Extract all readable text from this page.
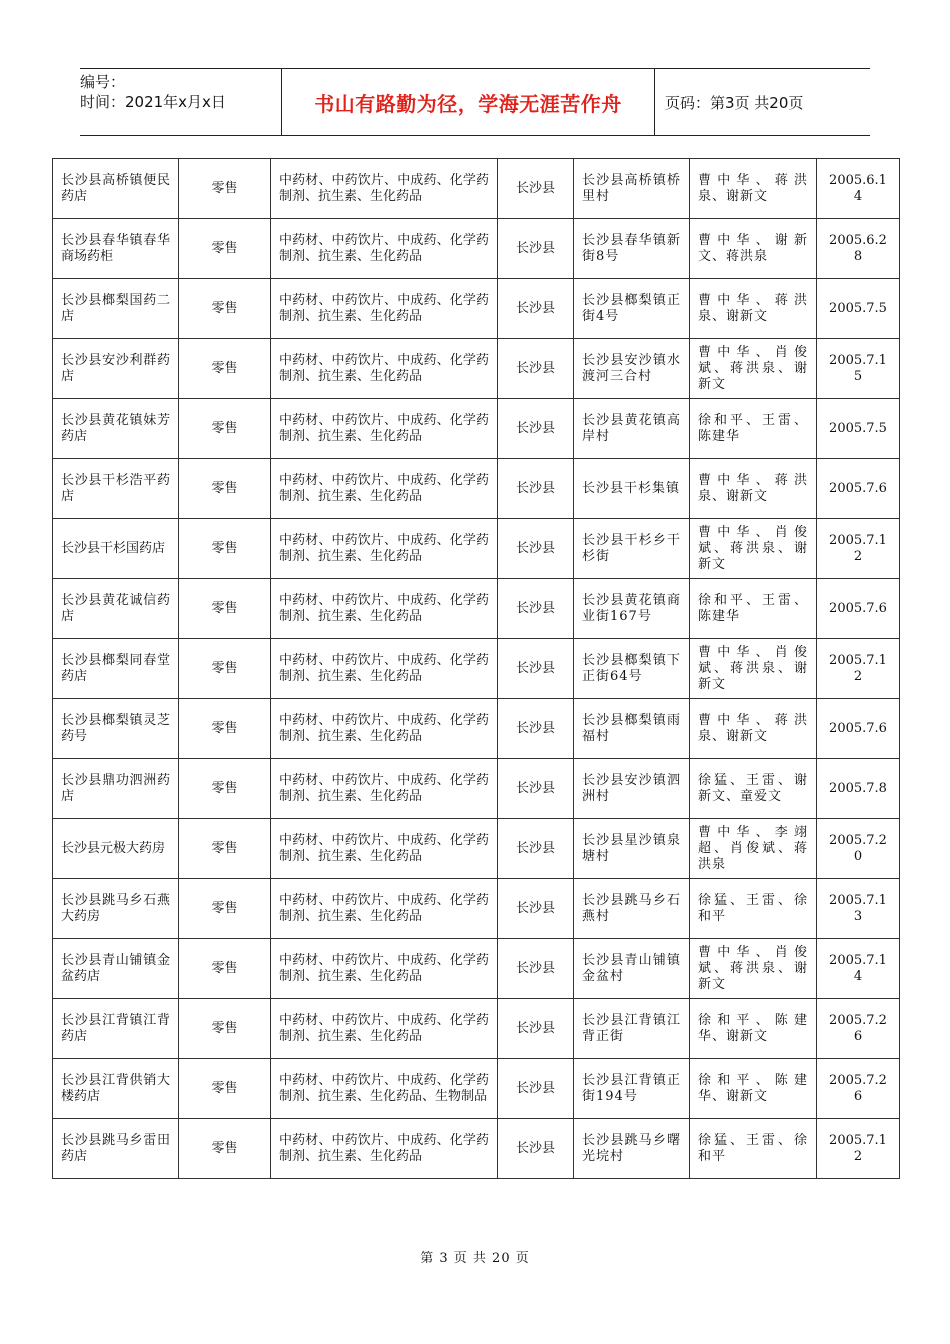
编号：
时间：2021年x月x日	书山有路勤为径，学海无涯苦作舟	页码：第3页 共20页
长沙县高桥镇便民药店	零售	中药材、中药饮片、中成药、化学药制剂、抗生素、生化药品	长沙县	长沙县高桥镇桥里村	曹中华、蒋洪泉、谢新文	2005.6.14
长沙县春华镇春华商场药柜	零售	中药材、中药饮片、中成药、化学药制剂、抗生素、生化药品	长沙县	长沙县春华镇新街8号	曹中华、谢新文、蒋洪泉	2005.6.28
长沙县榔梨国药二店	零售	中药材、中药饮片、中成药、化学药制剂、抗生素、生化药品	长沙县	长沙县榔梨镇正街4号	曹中华、蒋洪泉、谢新文	2005.7.5
长沙县安沙利群药店	零售	中药材、中药饮片、中成药、化学药制剂、抗生素、生化药品	长沙县	长沙县安沙镇水渡河三合村	曹中华、肖俊斌、蒋洪泉、谢新文	2005.7.15
长沙县黄花镇妹芳药店	零售	中药材、中药饮片、中成药、化学药制剂、抗生素、生化药品	长沙县	长沙县黄花镇高岸村	徐和平、王雷、陈建华	2005.7.5
长沙县干杉浩平药店	零售	中药材、中药饮片、中成药、化学药制剂、抗生素、生化药品	长沙县	长沙县干杉集镇	曹中华、蒋洪泉、谢新文	2005.7.6
长沙县干杉国药店	零售	中药材、中药饮片、中成药、化学药制剂、抗生素、生化药品	长沙县	长沙县干杉乡干杉街	曹中华、肖俊斌、蒋洪泉、谢新文	2005.7.12
长沙县黄花诚信药店	零售	中药材、中药饮片、中成药、化学药制剂、抗生素、生化药品	长沙县	长沙县黄花镇商业街167号	徐和平、王雷、陈建华	2005.7.6
长沙县榔梨同春堂药店	零售	中药材、中药饮片、中成药、化学药制剂、抗生素、生化药品	长沙县	长沙县榔梨镇下正街64号	曹中华、肖俊斌、蒋洪泉、谢新文	2005.7.12
长沙县榔梨镇灵芝药号	零售	中药材、中药饮片、中成药、化学药制剂、抗生素、生化药品	长沙县	长沙县榔梨镇雨福村	曹中华、蒋洪泉、谢新文	2005.7.6
长沙县鼎功泗洲药店	零售	中药材、中药饮片、中成药、化学药制剂、抗生素、生化药品	长沙县	长沙县安沙镇泗洲村	徐猛、王雷、谢新文、童爱文	2005.7.8
长沙县元极大药房	零售	中药材、中药饮片、中成药、化学药制剂、抗生素、生化药品	长沙县	长沙县星沙镇泉塘村	曹中华、李翊超、肖俊斌、蒋洪泉	2005.7.20
长沙县跳马乡石燕大药房	零售	中药材、中药饮片、中成药、化学药制剂、抗生素、生化药品	长沙县	长沙县跳马乡石燕村	徐猛、王雷、徐和平	2005.7.13
长沙县青山铺镇金盆药店	零售	中药材、中药饮片、中成药、化学药制剂、抗生素、生化药品	长沙县	长沙县青山铺镇金盆村	曹中华、肖俊斌、蒋洪泉、谢新文	2005.7.14
长沙县江背镇江背药店	零售	中药材、中药饮片、中成药、化学药制剂、抗生素、生化药品	长沙县	长沙县江背镇江背正街	徐和平、陈建华、谢新文	2005.7.26
长沙县江背供销大楼药店	零售	中药材、中药饮片、中成药、化学药制剂、抗生素、生化药品、生物制品	长沙县	长沙县江背镇正街194号	徐和平、陈建华、谢新文	2005.7.26
长沙县跳马乡雷田药店	零售	中药材、中药饮片、中成药、化学药制剂、抗生素、生化药品	长沙县	长沙县跳马乡曙光垸村	徐猛、王雷、徐和平	2005.7.12
第 3 页 共 20 页
